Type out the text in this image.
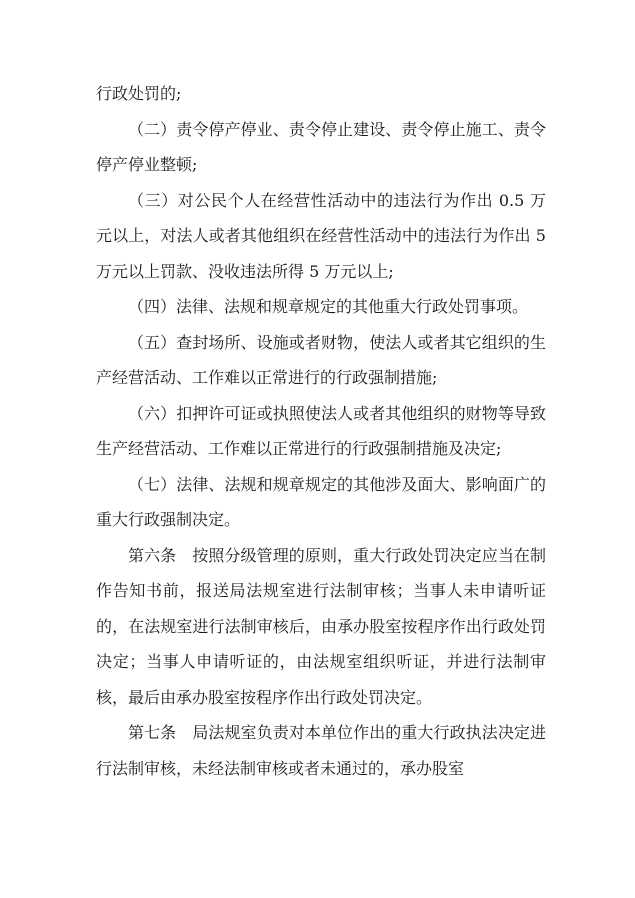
行政处罚的;

（二）责令停产停业、责令停止建设、责令停止施工、责令停产停业整顿;

（三）对公民个人在经营性活动中的违法行为作出 0.5 万元以上，对法人或者其他组织在经营性活动中的违法行为作出 5 万元以上罚款、没收违法所得 5 万元以上;

（四）法律、法规和规章规定的其他重大行政处罚事项。

（五）查封场所、设施或者财物，使法人或者其它组织的生产经营活动、工作难以正常进行的行政强制措施;

（六）扣押许可证或执照使法人或者其他组织的财物等导致生产经营活动、工作难以正常进行的行政强制措施及决定;

（七）法律、法规和规章规定的其他涉及面大、影响面广的重大行政强制决定。

第六条　按照分级管理的原则，重大行政处罚决定应当在制作告知书前，报送局法规室进行法制审核；当事人未申请听证的，在法规室进行法制审核后，由承办股室按程序作出行政处罚决定；当事人申请听证的，由法规室组织听证，并进行法制审核，最后由承办股室按程序作出行政处罚决定。

第七条　局法规室负责对本单位作出的重大行政执法决定进行法制审核，未经法制审核或者未通过的，承办股室
